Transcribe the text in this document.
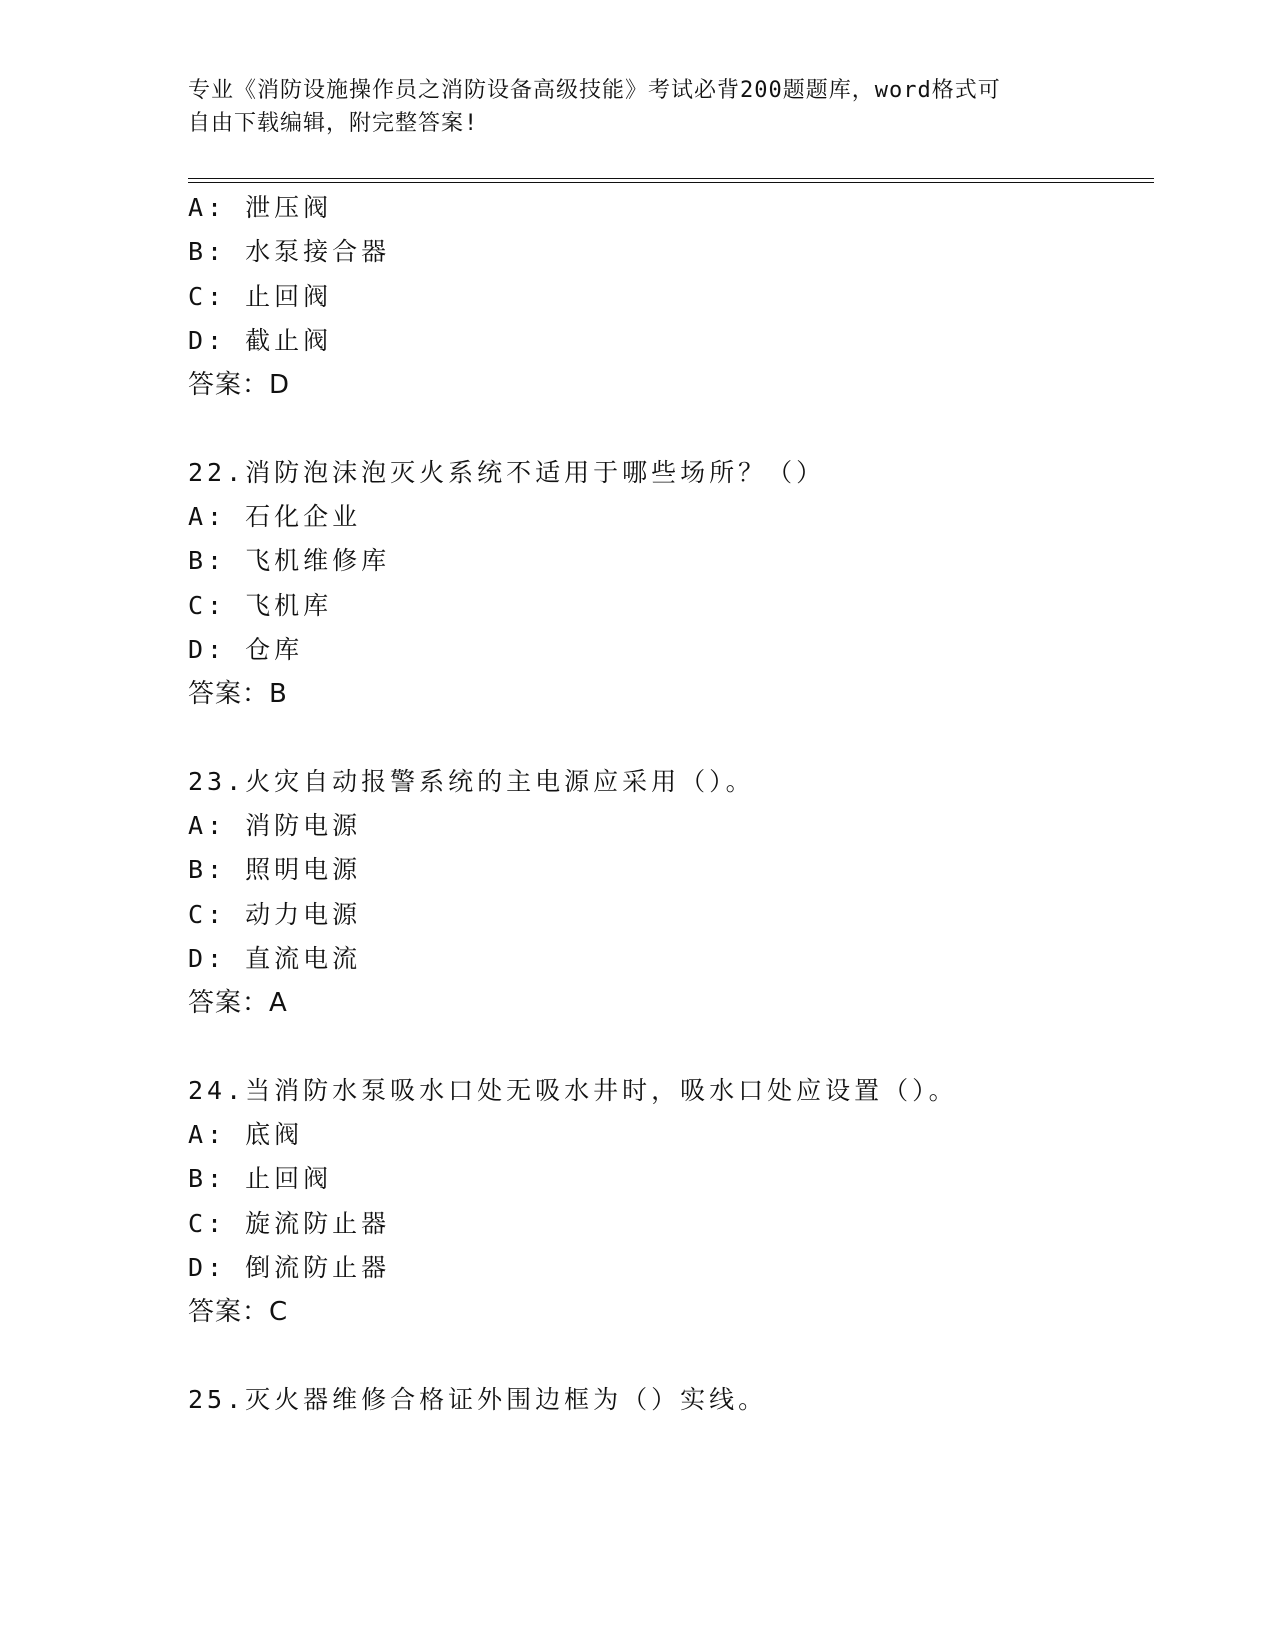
专业《消防设施操作员之消防设备高级技能》考试必背200题题库，word格式可
自由下载编辑，附完整答案!
A: 泄压阀
B: 水泵接合器
C: 止回阀
D: 截止阀
答案：D
22.消防泡沫泡灭火系统不适用于哪些场所？（）
A: 石化企业
B: 飞机维修库
C: 飞机库
D: 仓库
答案：B
23.火灾自动报警系统的主电源应采用（）。
A: 消防电源
B: 照明电源
C: 动力电源
D: 直流电流
答案：A
24.当消防水泵吸水口处无吸水井时，吸水口处应设置（）。
A: 底阀
B: 止回阀
C: 旋流防止器
D: 倒流防止器
答案：C
25.灭火器维修合格证外围边框为（）实线。
